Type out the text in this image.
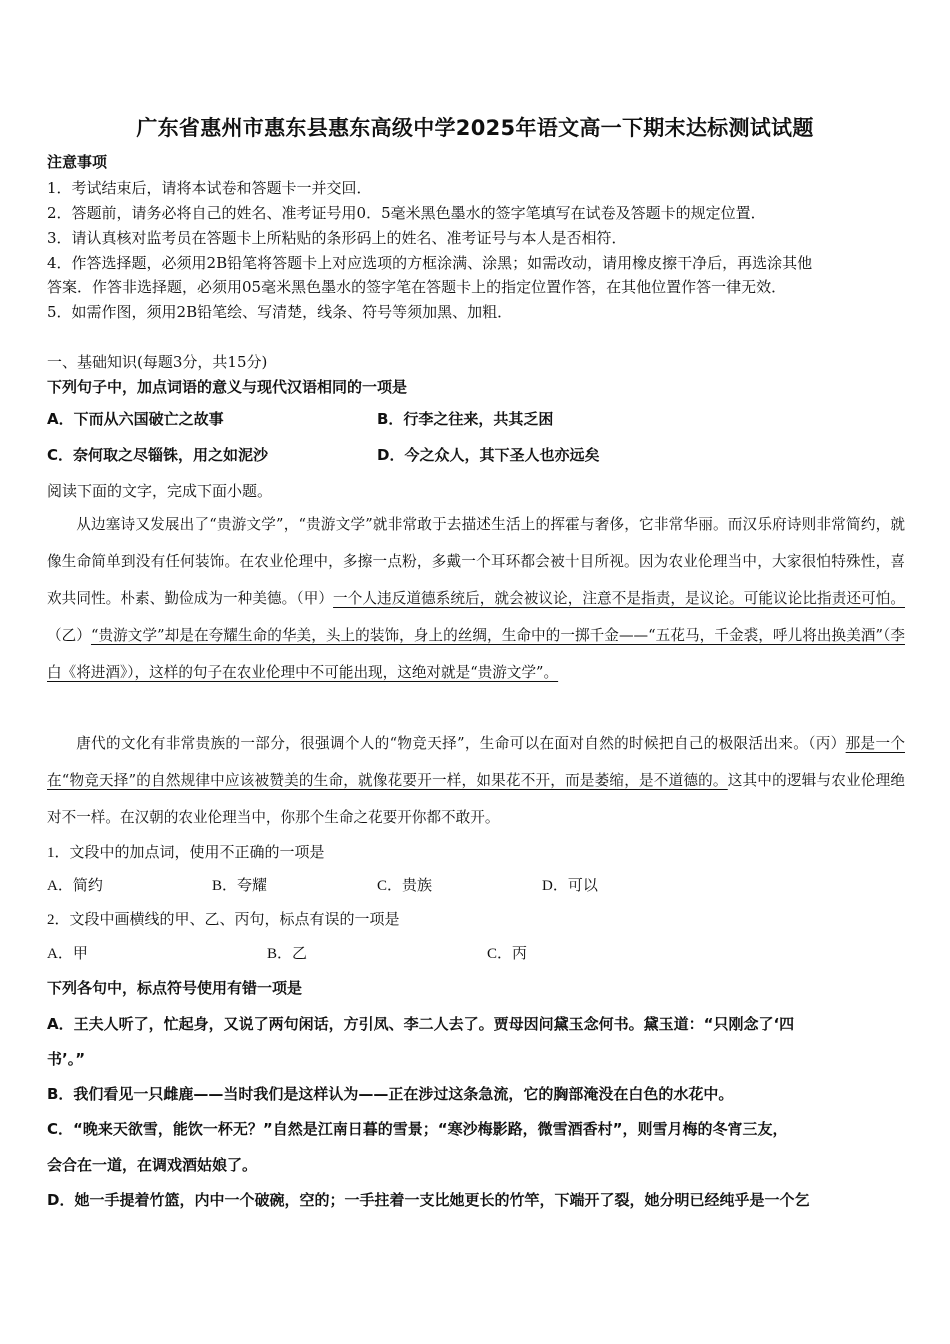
广东省惠州市惠东县惠东高级中学2025年语文高一下期末达标测试试题
注意事项
1．考试结束后，请将本试卷和答题卡一并交回．
2．答题前，请务必将自己的姓名、准考证号用0．5毫米黑色墨水的签字笔填写在试卷及答题卡的规定位置．
3．请认真核对监考员在答题卡上所粘贴的条形码上的姓名、准考证号与本人是否相符．
4．作答选择题，必须用2B铅笔将答题卡上对应选项的方框涂满、涂黑；如需改动，请用橡皮擦干净后，再选涂其他
答案．作答非选择题，必须用05毫米黑色墨水的签字笔在答题卡上的指定位置作答，在其他位置作答一律无效．
5．如需作图，须用2B铅笔绘、写清楚，线条、符号等须加黑、加粗．
一、基础知识(每题3分，共15分)
下列句子中，加点词语的意义与现代汉语相同的一项是
A．下而从六国破亡之故事	B．行李之往来，共其乏困
C．奈何取之尽锱铢，用之如泥沙	D．今之众人，其下圣人也亦远矣
阅读下面的文字，完成下面小题。
从边塞诗又发展出了“贵游文学”，“贵游文学”就非常敢于去描述生活上的挥霍与奢侈，它非常华丽。而汉乐府诗则非常简约，就像生命简单到没有任何装饰。在农业伦理中，多擦一点粉，多戴一个耳环都会被十目所视。因为农业伦理当中，大家很怕特殊性，喜欢共同性。朴素、勤俭成为一种美德。（甲）一个人违反道德系统后，就会被议论，注意不是指责，是议论。可能议论比指责还可怕。（乙）“贵游文学”却是在夸耀生命的华美，头上的装饰，身上的丝绸，生命中的一掷千金——“五花马，千金裘，呼儿将出换美酒”（李白《将进酒》），这样的句子在农业伦理中不可能出现，这绝对就是“贵游文学”。
唐代的文化有非常贵族的一部分，很强调个人的“物竞天择”，生命可以在面对自然的时候把自己的极限活出来。（丙）那是一个在“物竞天择”的自然规律中应该被赞美的生命，就像花要开一样，如果花不开，而是萎缩，是不道德的。这其中的逻辑与农业伦理绝对不一样。在汉朝的农业伦理当中，你那个生命之花要开你都不敢开。
1．文段中的加点词，使用不正确的一项是
A．简约	B．夸耀	C．贵族	D．可以
2．文段中画横线的甲、乙、丙句，标点有误的一项是
A．甲	B．乙	C．丙
下列各句中，标点符号使用有错一项是
A．王夫人听了，忙起身，又说了两句闲话，方引凤、李二人去了。贾母因问黛玉念何书。黛玉道：“只刚念了‘四
书’。”
B．我们看见一只雌鹿——当时我们是这样认为——正在涉过这条急流，它的胸部淹没在白色的水花中。
C．“晚来天欲雪，能饮一杯无？”自然是江南日暮的雪景；“寒沙梅影路，微雪酒香村”，则雪月梅的冬宵三友，
会合在一道，在调戏酒姑娘了。
D．她一手提着竹篮，内中一个破碗，空的；一手拄着一支比她更长的竹竿，下端开了裂，她分明已经纯乎是一个乞
